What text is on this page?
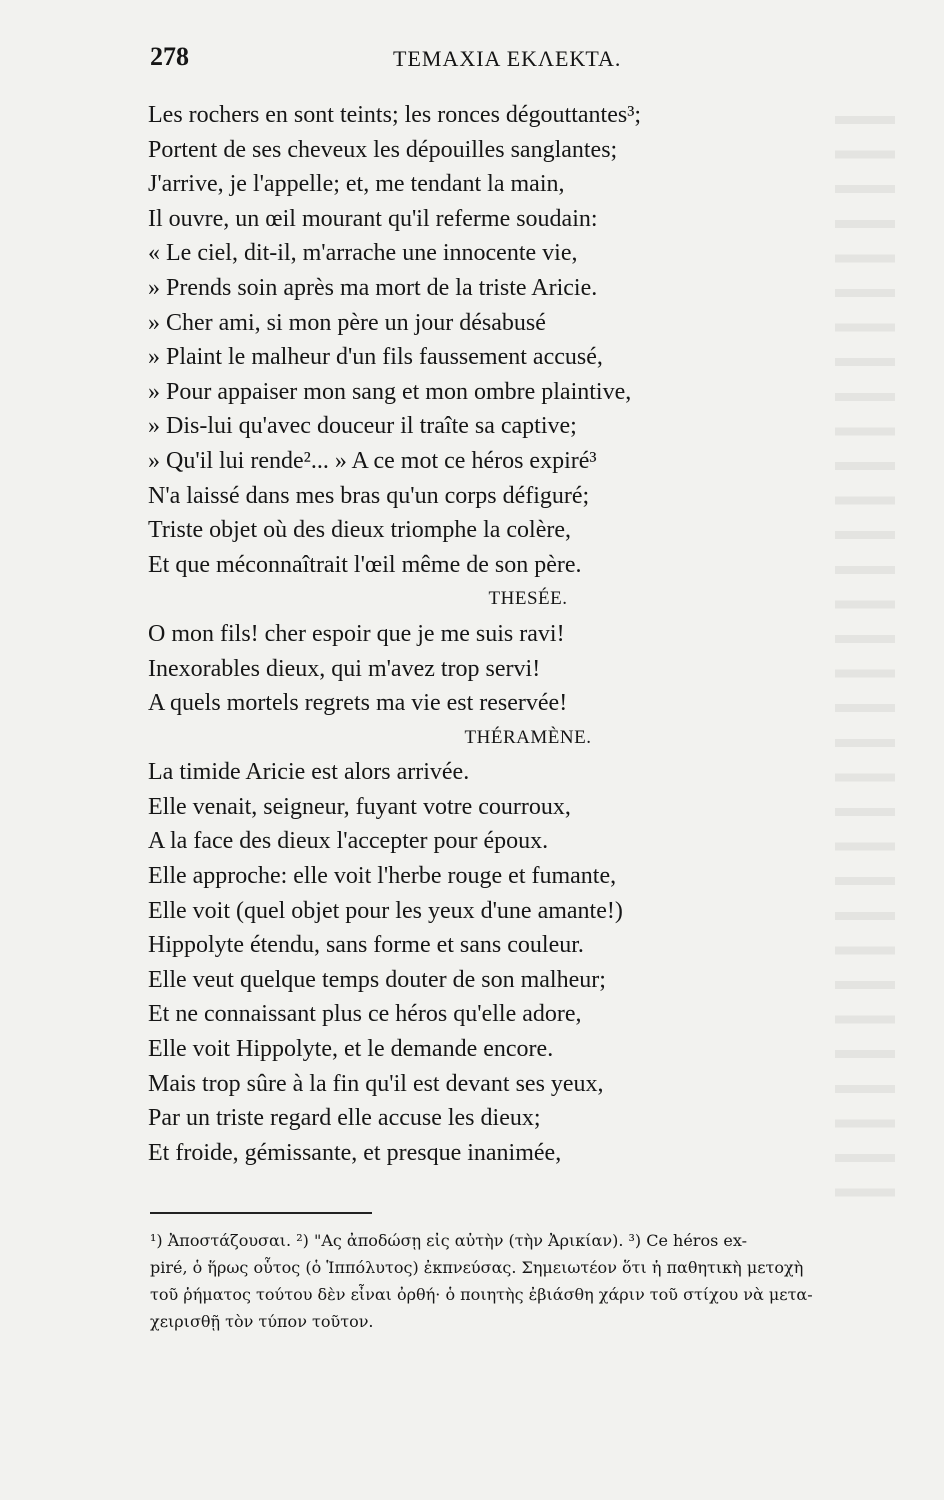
278	ΤΕΜΑΧΙΑ ΕΚΛΕΚΤΑ.
Les rochers en sont teints; les ronces dégouttantes³;
Portent de ses cheveux les dépouilles sanglantes;
J'arrive, je l'appelle; et, me tendant la main,
Il ouvre, un œil mourant qu'il referme soudain:
« Le ciel, dit-il, m'arrache une innocente vie,
» Prends soin après ma mort de la triste Aricie.
» Cher ami, si mon père un jour désabusé
» Plaint le malheur d'un fils faussement accusé,
» Pour appaiser mon sang et mon ombre plaintive,
» Dis-lui qu'avec douceur il traîte sa captive;
» Qu'il lui rende²... » A ce mot ce héros expiré³
N'a laissé dans mes bras qu'un corps défiguré;
Triste objet où des dieux triomphe la colère,
Et que méconnaîtrait l'œil même de son père.
THESÉE.
O mon fils! cher espoir que je me suis ravi!
Inexorables dieux, qui m'avez trop servi!
A quels mortels regrets ma vie est reservée!
THÉRAMÈNE.
La timide Aricie est alors arrivée.
Elle venait, seigneur, fuyant votre courroux,
A la face des dieux l'accepter pour époux.
Elle approche: elle voit l'herbe rouge et fumante,
Elle voit (quel objet pour les yeux d'une amante!)
Hippolyte étendu, sans forme et sans couleur.
Elle veut quelque temps douter de son malheur;
Et ne connaissant plus ce héros qu'elle adore,
Elle voit Hippolyte, et le demande encore.
Mais trop sûre à la fin qu'il est devant ses yeux,
Par un triste regard elle accuse les dieux;
Et froide, gémissante, et presque inanimée,
¹) Ἀποστάζουσαι. ²) "Ας ἀποδώσῃ εἰς αὐτὴν (τὴν Ἀρικίαν). ³) Ce héros ex-
piré, ὁ ἥρως οὗτος (ὁ Ἱππόλυτος) ἐκπνεύσας. Σημειωτέον ὅτι ἡ παθητικὴ μετοχὴ
τοῦ ῥήματος τούτου δὲν εἶναι ὀρθή· ὁ ποιητὴς ἐβιάσθη χάριν τοῦ στίχου νὰ μετα-
χειρισθῇ τὸν τύπον τοῦτον.
